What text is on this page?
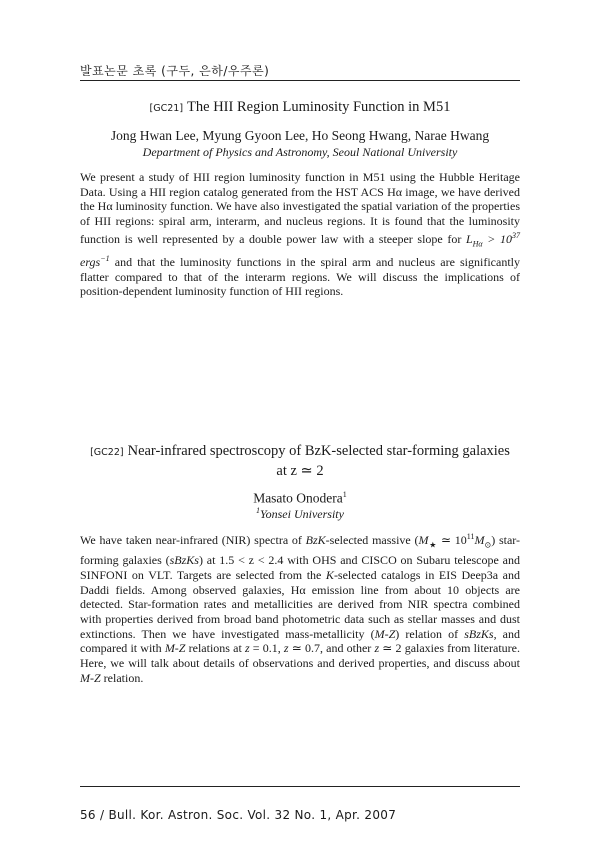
발표논문 초록 (구두, 은하/우주론)
[GC21] The HII Region Luminosity Function in M51
Jong Hwan Lee, Myung Gyoon Lee, Ho Seong Hwang, Narae Hwang
Department of Physics and Astronomy, Seoul National University

We present a study of HII region luminosity function in M51 using the Hubble Heritage Data. Using a HII region catalog generated from the HST ACS Hα image, we have derived the Hα luminosity function. We have also investigated the spatial variation of the properties of HII regions: spiral arm, interarm, and nucleus regions. It is found that the luminosity function is well represented by a double power law with a steeper slope for $L_{H\alpha} > 10^{37}$ ergs$^{-1}$ and that the luminosity functions in the spiral arm and nucleus are significantly flatter compared to that of the interarm regions. We will discuss the implications of position-dependent luminosity function of HII regions.

[GC22] Near-infrared spectroscopy of BzK-selected star-forming galaxies
at z ≃ 2
Masato Onodera$^1$
$^1$Yonsei University

We have taken near-infrared (NIR) spectra of BzK-selected massive ($M_★$ ≃ $10^{11}M_⊙$) star-forming galaxies (sBzKs) at 1.5 < z < 2.4 with OHS and CISCO on Subaru telescope and SINFONI on VLT. Targets are selected from the K-selected catalogs in EIS Deep3a and Daddi fields. Among observed galaxies, Hα emission line from about 10 objects are detected. Star-formation rates and metallicities are derived from NIR spectra combined with properties derived from broad band photometric data such as stellar masses and dust extinctions. Then we have investigated mass-metallicity (M-Z) relation of sBzKs, and compared it with M-Z relations at z = 0.1, z ≃ 0.7, and other z ≃ 2 galaxies from literature. Here, we will talk about details of observations and derived properties, and discuss about M-Z relation.

56 / Bull. Kor. Astron. Soc. Vol. 32 No. 1, Apr. 2007
